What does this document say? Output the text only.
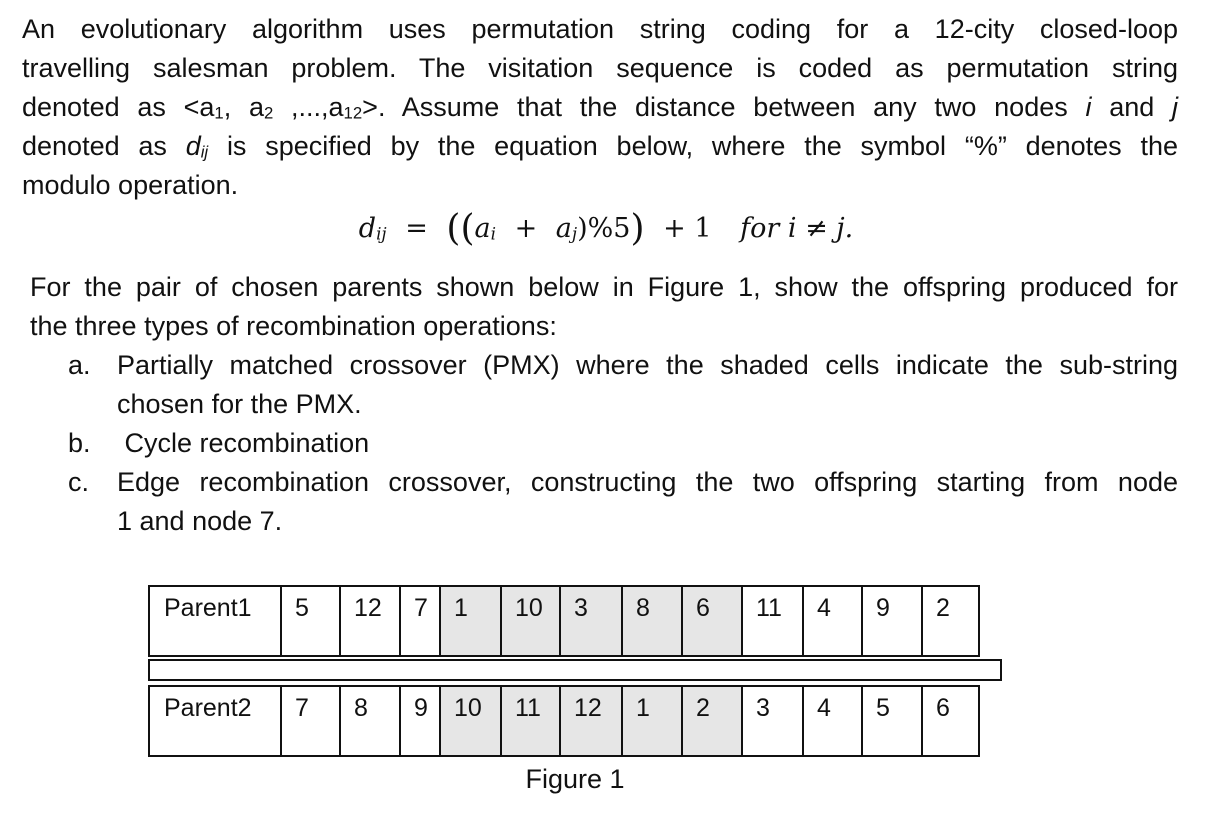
An evolutionary algorithm uses permutation string coding for a 12-city closed-loop
travelling salesman problem. The visitation sequence is coded as permutation string
denoted as $<a_1$, $a_2$ $,...,a_{12}>$. Assume that the distance between any two nodes i and j
denoted as dij is specified by the equation below, where the symbol “%” denotes the
modulo operation.
$d_{ij} = ((a_i + a_j)\%5) + 1$ for i ≠ j.
For the pair of chosen parents shown below in Figure 1, show the offspring produced for
the three types of recombination operations:
a. Partially matched crossover (PMX) where the shaded cells indicate the sub-string
chosen for the PMX.
b. Cycle recombination
c. Edge recombination crossover, constructing the two offspring starting from node
1 and node 7.
Parent1	5	12	7	1	10	3	8	6	11	4	9	2
Parent2	7	8	9	10	11	12	1	2	3	4	5	6
Figure 1
